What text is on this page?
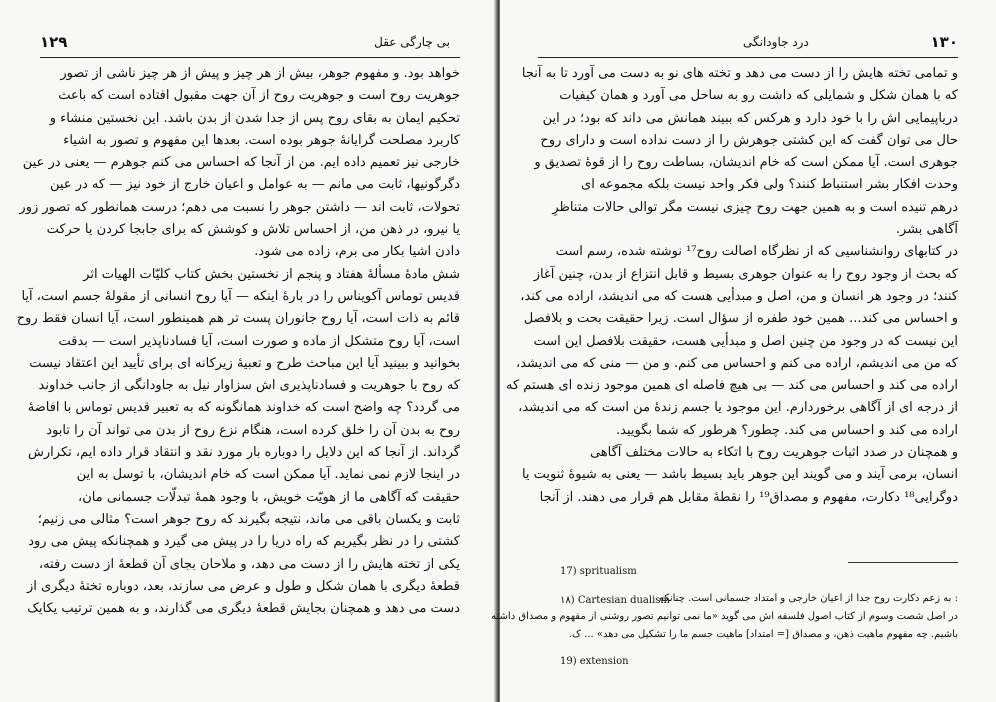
۱۲۹	بی چارگی عقل
خواهد بود. و مفهوم جوهر، بیش از هر چیز و پیش از هر چیز ناشی از تصور
جوهریت روح است و جوهریت روح از آن جهت مقبول افتاده است که باعث
تحکیم ایمان به بقای روح پس از جدا شدن از بدن باشد. این نخستین منشاء و
کاربرد مصلحت گرایانهٔ جوهر بوده است. بعدها این مفهوم و تصور به اشیاء
خارجی نیز تعمیم داده ایم. من از آنجا که احساس می کنم جوهرم — یعنی در عین
دگرگونیها، ثابت می مانم — به عوامل و اعیان خارج از خود نیز — که در عین
تحولات، ثابت اند — داشتن جوهر را نسبت می دهم؛ درست همانطور که تصور زور
یا نیرو، در ذهن من، از احساس تلاش و کوشش که برای جابجا کردن یا حرکت
دادن اشیا بکار می برم، زاده می شود.
شش مادهٔ مسألهٔ هفتاد و پنجم از نخستین بخش کتاب کلیّات الهیات اثر
قدیس توماس آکویناس را در بارهٔ اینکه — آیا روح انسانی از مقولهٔ جسم است، آیا
قائم به ذات است، آیا روح جانوران پست تر هم همینطور است، آیا انسان فقط روح
است، آیا روح متشکل از ماده و صورت است، آیا فسادناپذیر است — بدقت
بخوانید و ببینید آیا این مباحث طرح و تعبیهٔ زیرکانه ای برای تأیید این اعتقاد نیست
که روح با جوهریت و فسادناپذیری اش سزاوار نیل به جاودانگی از جانب خداوند
می گردد؟ چه واضح است که خداوند همانگونه که به تعبیر قدیس توماس با افاضهٔ
روح به بدن آن را خلق کرده است، هنگام نزع روح از بدن می تواند آن را تابود
گرداند. از آنجا که این دلایل را دوباره بار مورد نقد و انتقاد قرار داده ایم، تکرارش
در اینجا لازم نمی نماید. آیا ممکن است که خام اندیشان، با توسل به این
حقیقت که آگاهی ما از هویّت خویش، با وجود همهٔ تبدلّات جسمانی مان،
ثابت و یکسان باقی می ماند، نتیجه بگیرند که روح جوهر است؟ مثالی می زنیم؛
کشتی را در نظر بگیریم که راه دریا را در پیش می گیرد و همچنانکه پیش می رود
یکی از تخته هایش را از دست می دهد، و ملاحان بجای آن قطعهٔ از دست رفته،
قطعهٔ دیگری با همان شکل و طول و عرض می سازند، بعد، دوباره تختهٔ دیگری از
دست می دهد و همچنان بجایش قطعهٔ دیگری می گذارند، و به همین ترتیب یکایک
درد جاودانگی	۱۳۰
و تمامی تخته هایش را از دست می دهد و تخته های نو به دست می آورد تا به آنجا
که با همان شکل و شمایلی که داشت رو به ساحل می آورد و همان کیفیات
دریاپیمایی اش را با خود دارد و هرکس که ببیند همانش می داند که بود؛ در این
حال می توان گفت که این کشتی جوهرش را از دست نداده است و دارای روح
جوهری است. آیا ممکن است که خام اندیشان، بساطت روح را از قوهٔ تصدیق و
وحدت افکار بشر استنباط کنند؟ ولی فکر واحد نیست بلکه مجموعه ای
درهم تنیده است و به همین جهت روح چیزی نیست مگر توالی حالات متناظرِ
آگاهی بشر.
در کتابهای روانشناسیی که از نظرگاه اصالت روح¹⁷ نوشته شده، رسم است
که بحث از وجود روح را به عنوان جوهری بسیط و قابل انتزاع از بدن، چنین آغاز
کنند؛ در وجود هر انسان و من، اصل و مبدأیی هست که می اندیشد، اراده می کند،
و احساس می کند... همین خود طفره از سؤال است. زیرا حقیقت بحت و بلافصل
این نیست که در وجود من چنین اصل و مبدأیی هست، حقیقت بلافصل این است
که من می اندیشم، اراده می کنم و احساس می کنم. و من — منی که می اندیشد،
اراده می کند و احساس می کند — بی هیچ فاصله ای همین موجود زنده ای هستم که
از درجه ای از آگاهی برخوردارم. این موجود یا جسم زندهٔ من است که می اندیشد،
اراده می کند و احساس می کند. چطور؟ هرطور که شما بگویید.
و همچنان در صدد اثبات جوهریت روح با اتکاء به حالات مختلف آگاهی
انسان، برمی آیند و می گویند این جوهر باید بسیط باشد — یعنی به شیوهٔ ثنویت یا
دوگرایی¹⁸ دکارت، مفهوم و مصداق¹⁹ را نقطهٔ مقابل هم قرار می دهند. از آنجا
17) spritualism
۱۸) Cartesian dualism
: به زعم دکارت روح جدا از اعیان خارجی و امتداد جسمانی است. چنانکه
در اصل شصت وسوم از کتاب اصول فلسفه اش می گوید «ما نمی توانیم تصور روشنی از مفهوم و مصداق داشته
باشیم. چه مفهوم ماهیت ذهن، و مصداق [= امتداد] ماهیت جسم ما را تشکیل می دهد» ... ک.
19) extension
